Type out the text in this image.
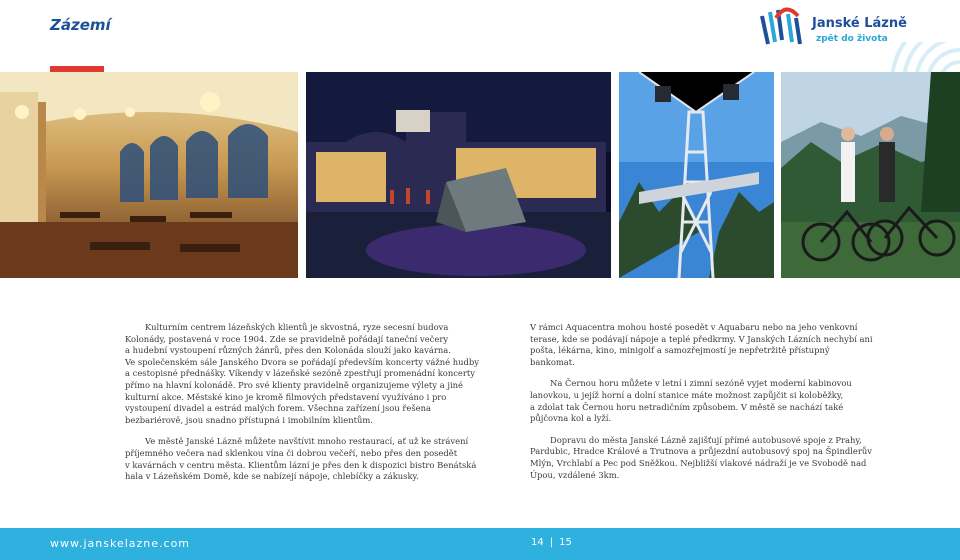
Zázemí	Janské Lázně
zpět do života

Kulturním centrem lázeňských klientů je skvostná, ryze secesní budova
Kolonády, postavená v roce 1904. Zde se pravidelně pořádají taneční večery
a hudební vystoupení různých žánrů, přes den Kolonáda slouží jako kavárna.
Ve společenském sále Janského Dvora se pořádají především koncerty vážné hudby
a cestopisné přednášky. Víkendy v lázeňské sezóně zpestřují promenádní koncerty
přímo na hlavní kolonádě. Pro své klienty pravidelně organizujeme výlety a jiné
kulturní akce. Městské kino je kromě filmových představení využíváno i pro
vystoupení divadel a estrád malých forem. Všechna zařízení jsou řešena
bezbariérově, jsou snadno přístupná i imobilním klientům.

Ve městě Janské Lázně můžete navštívit mnoho restaurací, ať už ke strávení
příjemného večera nad sklenkou vína či dobrou večeří, nebo přes den posedět
v kavárnách v centru města. Klientům lázní je přes den k dispozici bistro Benátská
hala v Lázeňském Domě, kde se nabízejí nápoje, chlebíčky a zákusky.

V rámci Aquacentra mohou hosté posedět v Aquabaru nebo na jeho venkovní
terase, kde se podávají nápoje a teplé předkrmy. V Janských Lázních nechybí ani
pošta, lékárna, kino, minigolf a samozřejmostí je nepřetržitě přístupný
bankomat.

Na Černou horu můžete v letní i zimní sezóně vyjet moderní kabinovou
lanovkou, u jejíž horní a dolní stanice máte možnost zapůjčit si koloběžky,
a zdolat tak Černou horu netradičním způsobem. V městě se nachází také
půjčovna kol a lyží.

Dopravu do města Janské Lázně zajišťují přímé autobusové spoje z Prahy,
Pardubic, Hradce Králové a Trutnova a průjezdní autobusový spoj na Špindlerův
Mlýn, Vrchlabí a Pec pod Sněžkou. Nejbližší vlakové nádraží je ve Svobodě nad
Úpou, vzdálené 3km.

www.janskelazne.com	14 | 15
